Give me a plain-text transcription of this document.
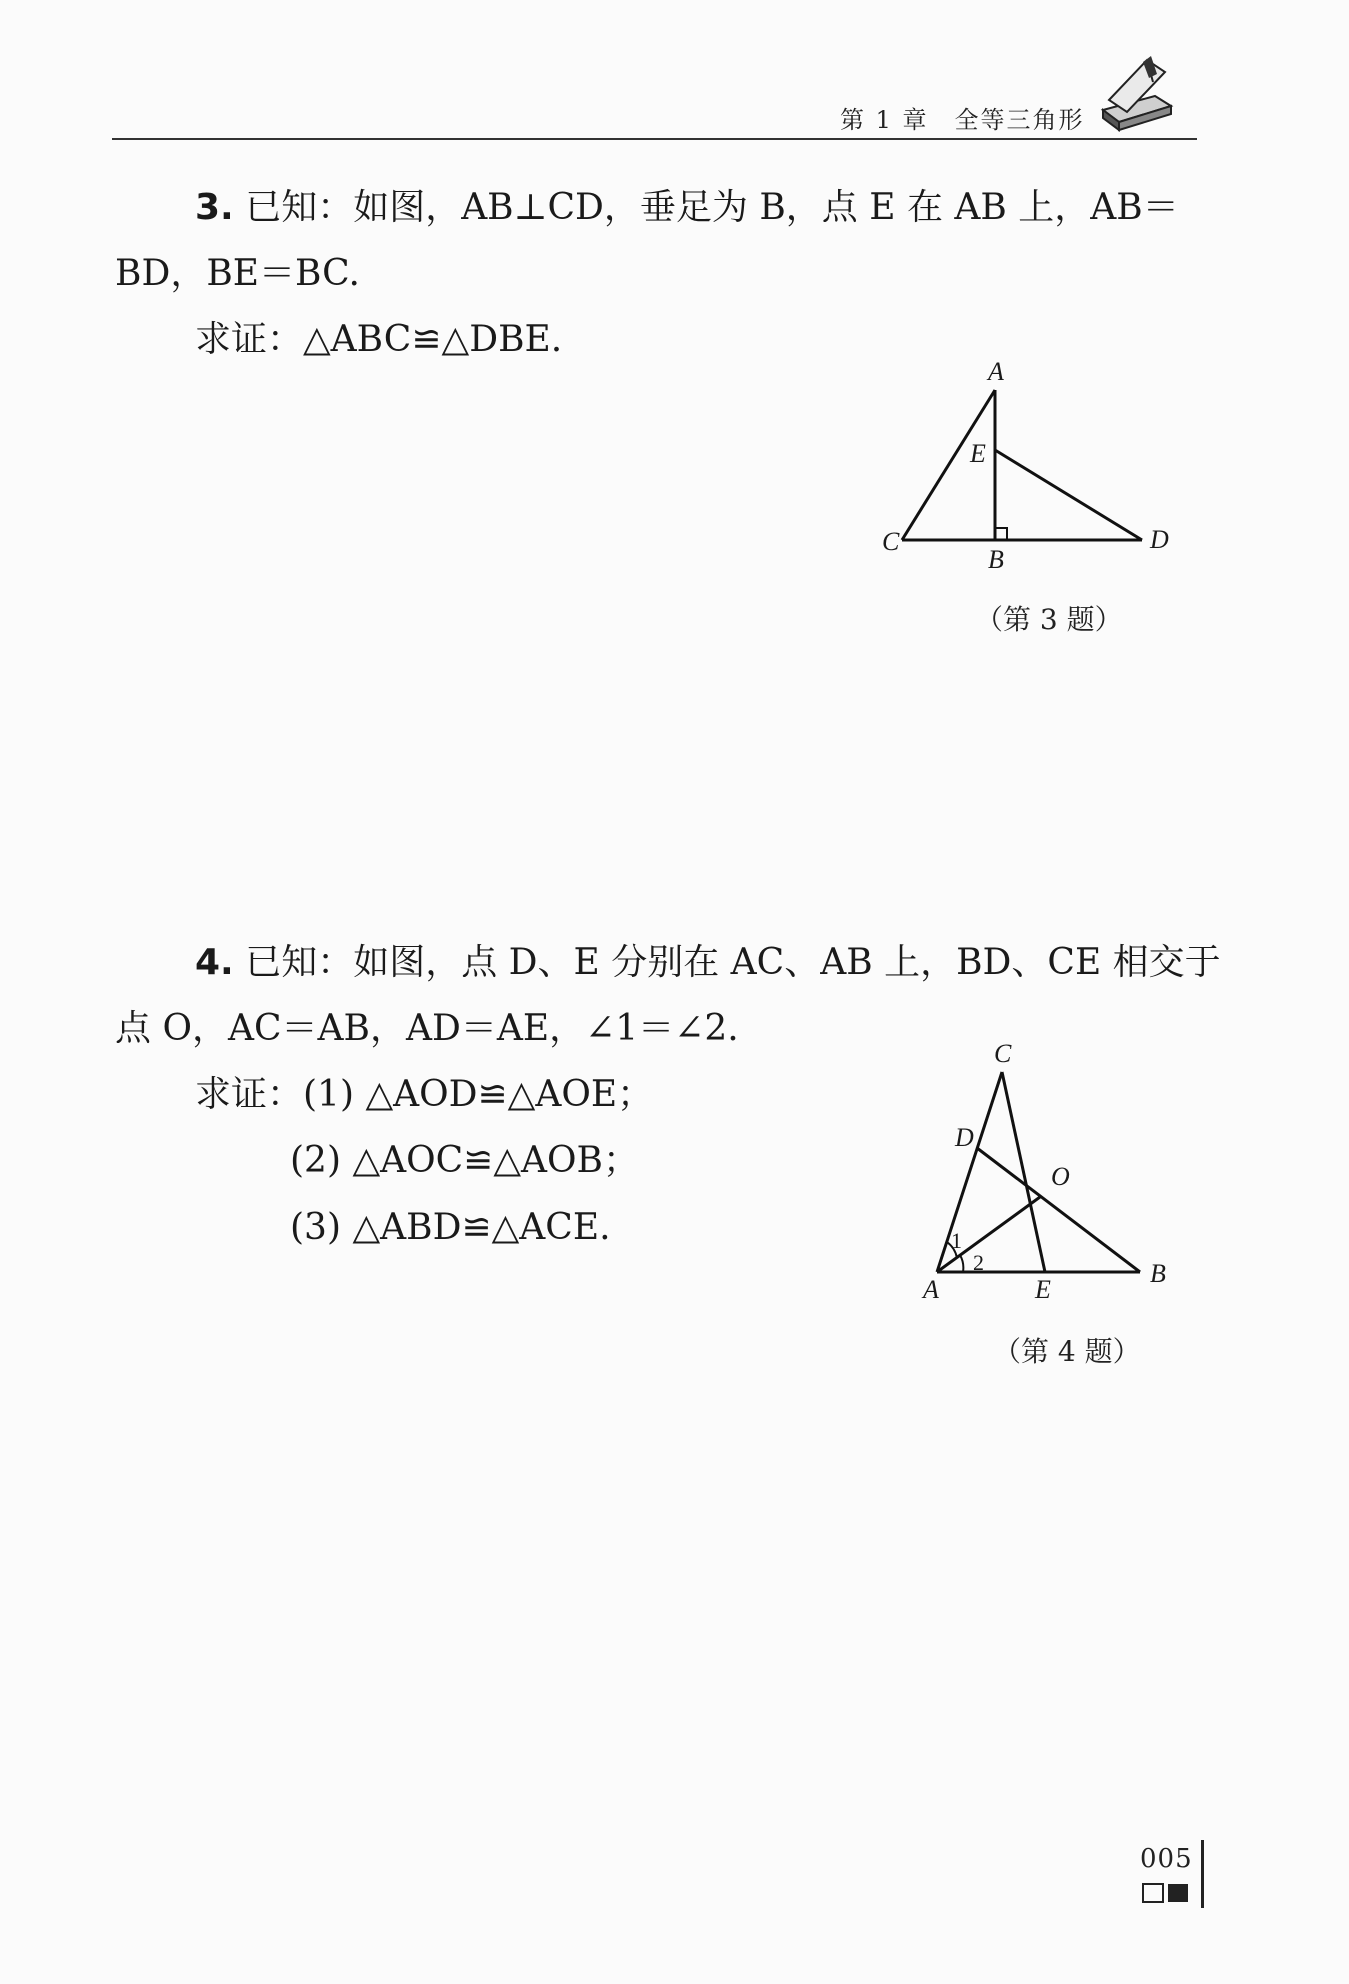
第 1 章　全等三角形
3. 已知：如图，AB⊥CD，垂足为 B，点 E 在 AB 上，AB＝
BD，BE＝BC.
求证：△ABC≌△DBE.
A
E
C
B
D
（第 3 题）
4. 已知：如图，点 D、E 分别在 AC、AB 上，BD、CE 相交于
点 O，AC＝AB，AD＝AE，∠1＝∠2.
求证：(1) △AOD≌△AOE；
(2) △AOC≌△AOB；
(3) △ABD≌△ACE.
C
D
O
A	E
B
1
2
（第 4 题）
005
